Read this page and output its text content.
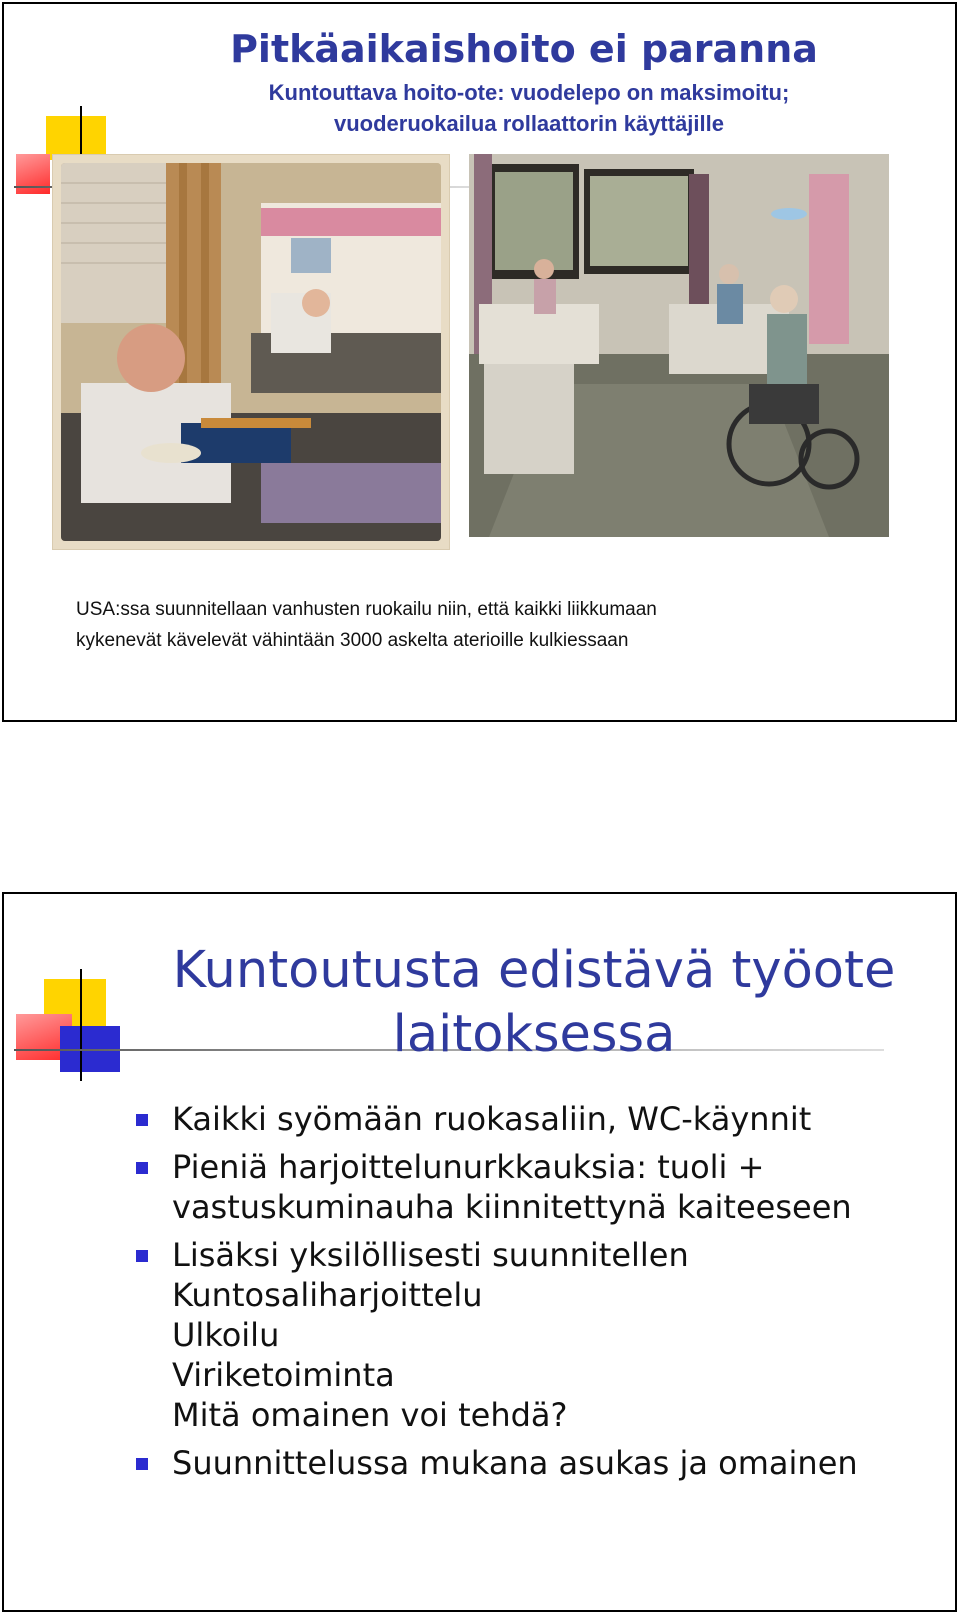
Pitkäaikaishoito ei paranna
Kuntouttava hoito-ote: vuodelepo on maksimoitu;
vuoderuokailua rollaattorin käyttäjille
USA:ssa suunnitellaan vanhusten ruokailu niin, että kaikki liikkumaan
kykenevät kävelevät vähintään 3000 askelta aterioille kulkiessaan
Kuntoutusta edistävä työote
laitoksessa
Kaikki syömään ruokasaliin, WC-käynnit
Pieniä harjoittelunurkkauksia: tuoli +
vastuskuminauha kiinnitettynä kaiteeseen
Lisäksi yksilöllisesti suunnitellen
Kuntosaliharjoittelu
Ulkoilu
Viriketoiminta
Mitä omainen voi tehdä?
Suunnittelussa mukana asukas ja omainen
